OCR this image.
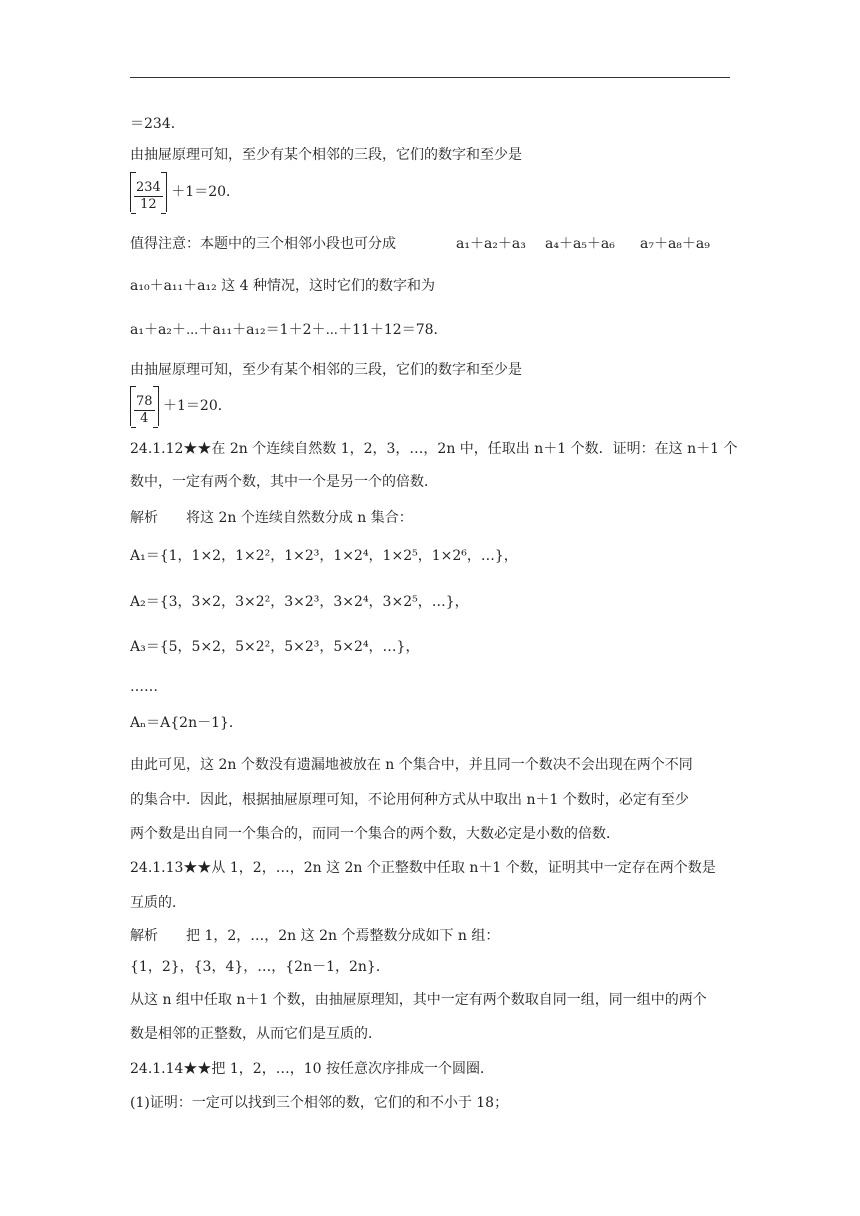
＝234．
由抽屉原理可知，至少有某个相邻的三段，它们的数字和至少是
$\frac{234}{12} +1=20$．
值得注意：本题中的三个相邻小段也可分成	a₁＋a₂＋a₃ a₄＋a₅＋a₆ a₇＋a₈＋a₉
a₁₀＋a₁₁＋a₁₂ 这 4 种情况，这时它们的数字和为
a₁＋a₂＋⋯＋a₁₁＋a₁₂＝1＋2＋⋯＋11＋12＝78．
由抽屉原理可知，至少有某个相邻的三段，它们的数字和至少是
$\frac{78}{4} +1=20$．
24.1.12★★在 2n 个连续自然数 1，2，3，…，2n 中，任取出 n＋1 个数．证明：在这 n＋1 个
数中，一定有两个数，其中一个是另一个的倍数．
解析　　将这 2n 个连续自然数分成 n 集合：
A₁＝{1，1×2，1×2²，1×2³，1×2⁴，1×2⁵，1×2⁶，…}，
A₂＝{3，3×2，3×2²，3×2³，3×2⁴，3×2⁵，…}，
A₃＝{5，5×2，5×2²，5×2³，5×2⁴，…}，
……
Aₙ＝A{2n－1}．
由此可见，这 2n 个数没有遗漏地被放在 n 个集合中，并且同一个数决不会出现在两个不同
的集合中．因此，根据抽屉原理可知，不论用何种方式从中取出 n＋1 个数时，必定有至少
两个数是出自同一个集合的，而同一个集合的两个数，大数必定是小数的倍数．
24.1.13★★从 1，2，…，2n 这 2n 个正整数中任取 n＋1 个数，证明其中一定存在两个数是
互质的．
解析　　把 1，2，…，2n 这 2n 个焉整数分成如下 n 组：
{1，2}，{3，4}，…，{2n－1，2n}．
从这 n 组中任取 n＋1 个数，由抽屉原理知，其中一定有两个数取自同一组，同一组中的两个
数是相邻的正整数，从而它们是互质的．
24.1.14★★把 1，2，…，10 按任意次序排成一个圆圈．
(1)证明：一定可以找到三个相邻的数，它们的和不小于 18；
